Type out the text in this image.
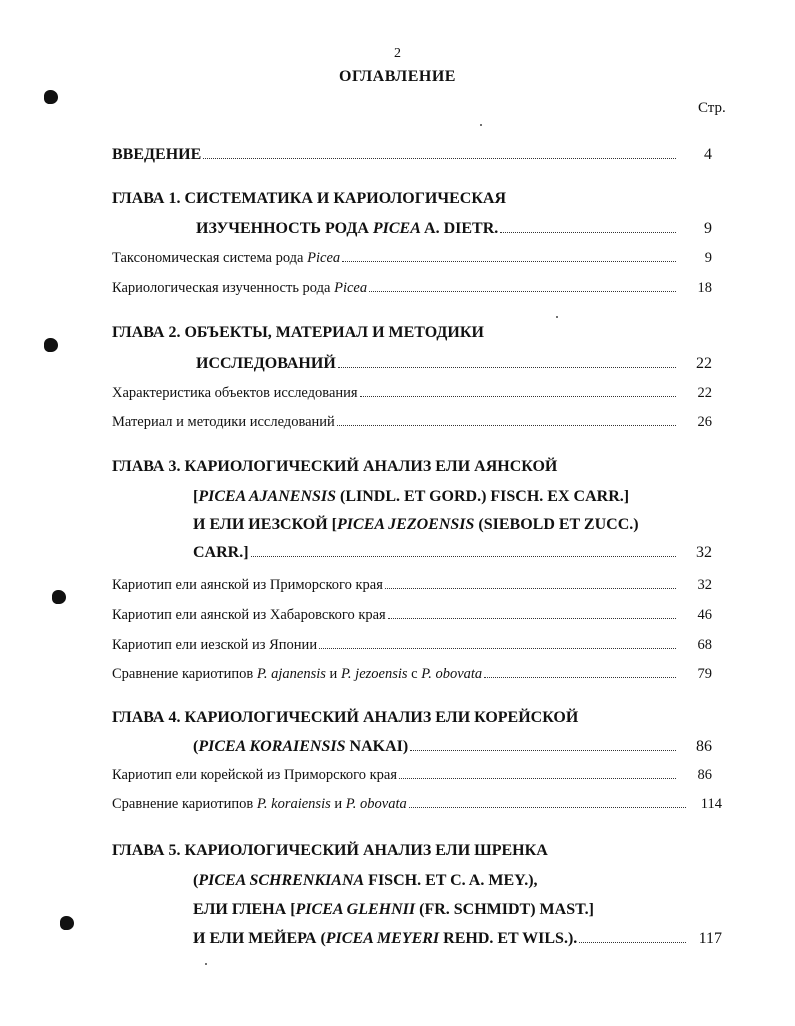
2
ОГЛАВЛЕНИЕ
Стр.
ВВЕДЕНИЕ	4
ГЛАВА 1. СИСТЕМАТИКА И КАРИОЛОГИЧЕСКАЯ
ИЗУЧЕННОСТЬ РОДА PICEA A. DIETR.	9
Таксономическая система рода Picea	9
Кариологическая изученность рода Picea	18
ГЛАВА 2. ОБЪЕКТЫ, МАТЕРИАЛ И МЕТОДИКИ
ИССЛЕДОВАНИЙ	22
Характеристика объектов исследования	22
Материал и методики исследований	26
ГЛАВА 3. КАРИОЛОГИЧЕСКИЙ АНАЛИЗ ЕЛИ АЯНСКОЙ
[PICEA AJANENSIS (LINDL. ET GORD.) FISCH. EX CARR.]
И ЕЛИ ИЕЗСКОЙ [PICEA JEZOENSIS (SIEBOLD ET ZUCC.)
CARR.]	32
Кариотип ели аянской из Приморского края	32
Кариотип ели аянской из Хабаровского края	46
Кариотип ели иезской из Японии	68
Сравнение кариотипов P. ajanensis и P. jezoensis с P. obovata	79
ГЛАВА 4. КАРИОЛОГИЧЕСКИЙ АНАЛИЗ ЕЛИ КОРЕЙСКОЙ
(PICEA KORAIENSIS NAKAI)	86
Кариотип ели корейской из Приморского края	86
Сравнение кариотипов P. koraiensis и P. obovata	114
ГЛАВА 5. КАРИОЛОГИЧЕСКИЙ АНАЛИЗ ЕЛИ ШРЕНКА
(PICEA SCHRENKIANA FISCH. ET C. A. MEY.),
ЕЛИ ГЛЕНА [PICEA GLEHNII (FR. SCHMIDT) MAST.]
И ЕЛИ МЕЙЕРА (PICEA MEYERI REHD. ET WILS.).	117
